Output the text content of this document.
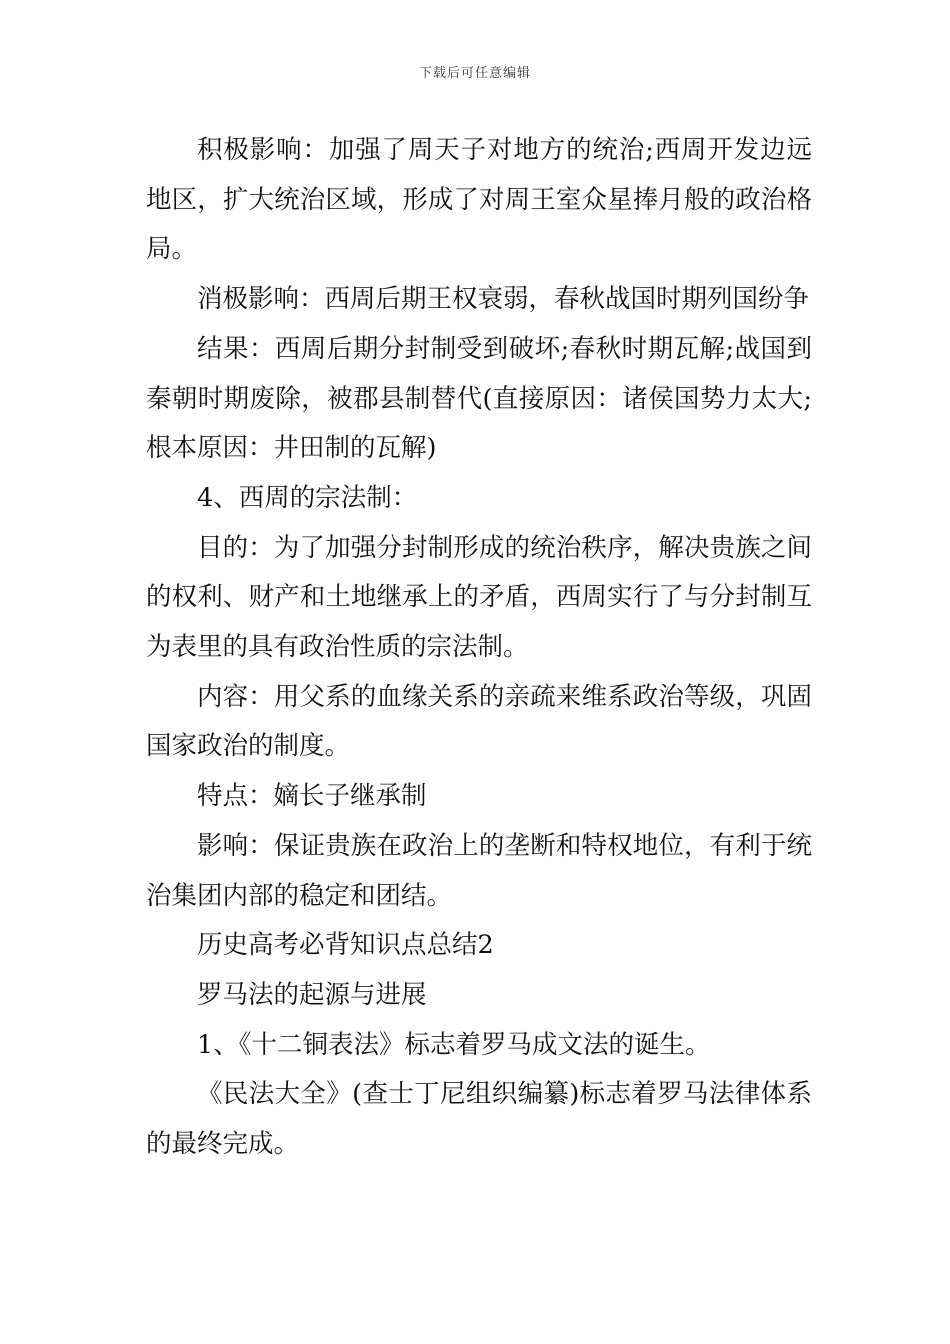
下载后可任意编辑

积极影响：加强了周天子对地方的统治;西周开发边远地区，扩大统治区域，形成了对周王室众星捧月般的政治格局。

消极影响：西周后期王权衰弱，春秋战国时期列国纷争

结果：西周后期分封制受到破坏;春秋时期瓦解;战国到秦朝时期废除，被郡县制替代(直接原因：诸侯国势力太大;根本原因：井田制的瓦解)

4、西周的宗法制：

目的：为了加强分封制形成的统治秩序，解决贵族之间的权利、财产和土地继承上的矛盾，西周实行了与分封制互为表里的具有政治性质的宗法制。

内容：用父系的血缘关系的亲疏来维系政治等级，巩固国家政治的制度。

特点：嫡长子继承制

影响：保证贵族在政治上的垄断和特权地位，有利于统治集团内部的稳定和团结。

历史高考必背知识点总结2

罗马法的起源与进展

1、《十二铜表法》标志着罗马成文法的诞生。

《民法大全》(查士丁尼组织编纂)标志着罗马法律体系的最终完成。
